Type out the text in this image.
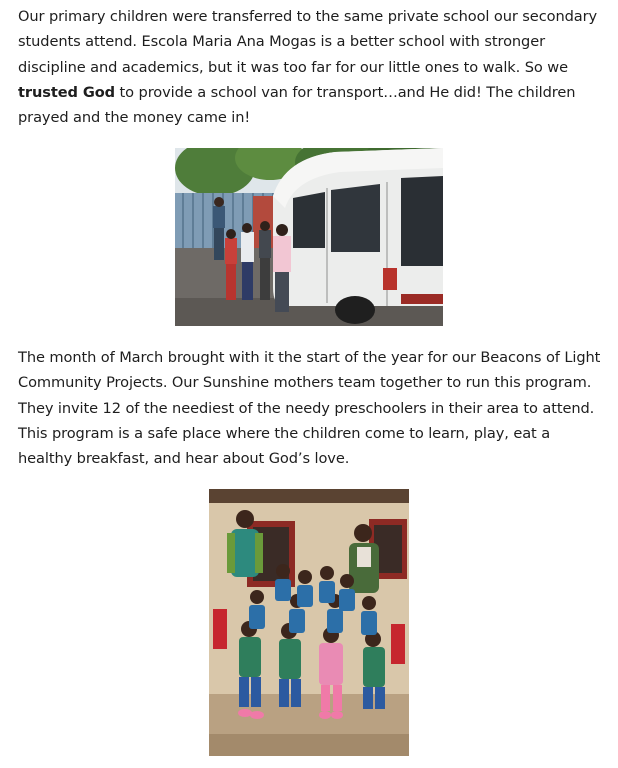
Our primary children were transferred to the same private school our secondary students attend. Escola Maria Ana Mogas is a better school with stronger discipline and academics, but it was too far for our little ones to walk. So we trusted God to provide a school van for transport…and He did! The children prayed and the money came in!

The month of March brought with it the start of the year for our Beacons of Light Community Projects. Our Sunshine mothers team together to run this program. They invite 12 of the neediest of the needy preschoolers in their area to attend. This program is a safe place where the children come to learn, play, eat a healthy breakfast, and hear about God’s love.
